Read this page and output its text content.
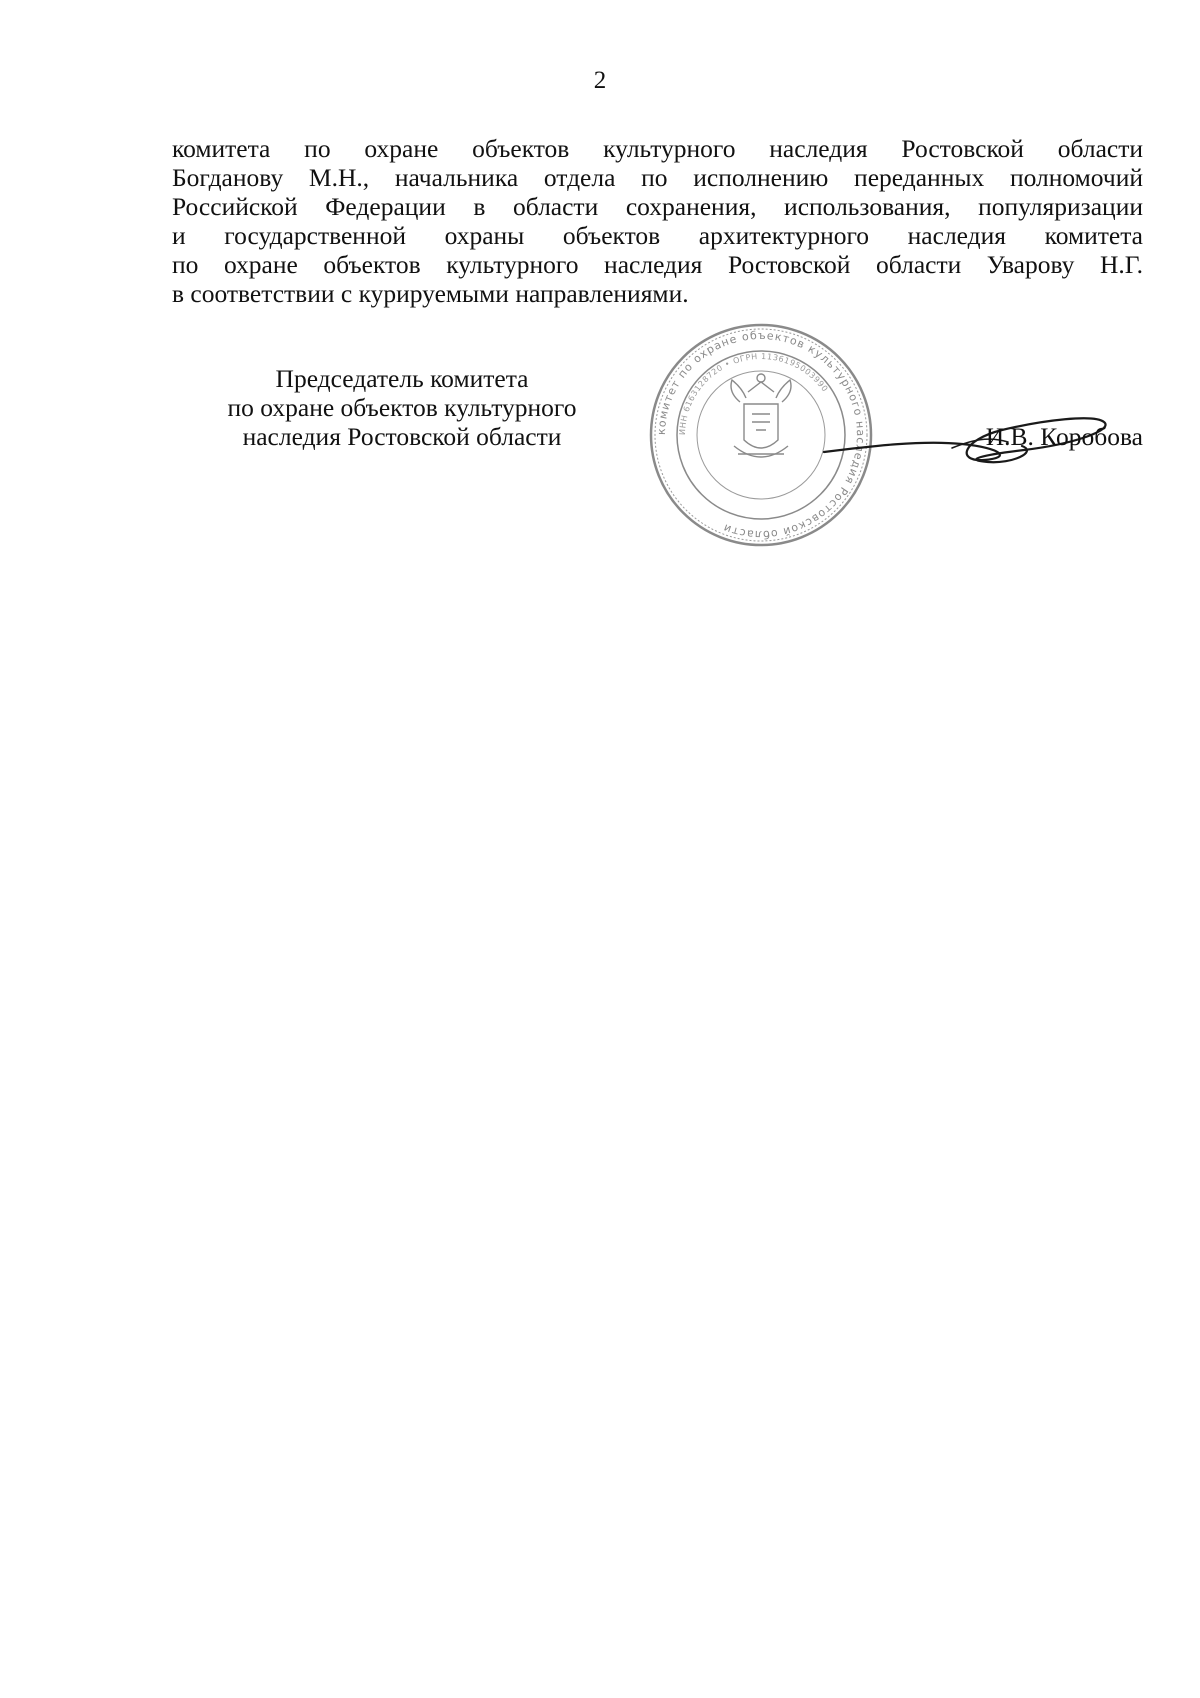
2
комитета по охране объектов культурного наследия Ростовской области
Богданову М.Н., начальника отдела по исполнению переданных полномочий
Российской Федерации в области сохранения, использования, популяризации
и государственной охраны объектов архитектурного наследия комитета
по охране объектов культурного наследия Ростовской области Уварову Н.Г.
в соответствии с курируемыми направлениями.
Председатель комитета
по охране объектов культурного
наследия Ростовской области	комитет по охране объектов культурного наследия Ростовской области
ИНН 6163128720 • ОГРН 1136195003990
И.В. Коробова
